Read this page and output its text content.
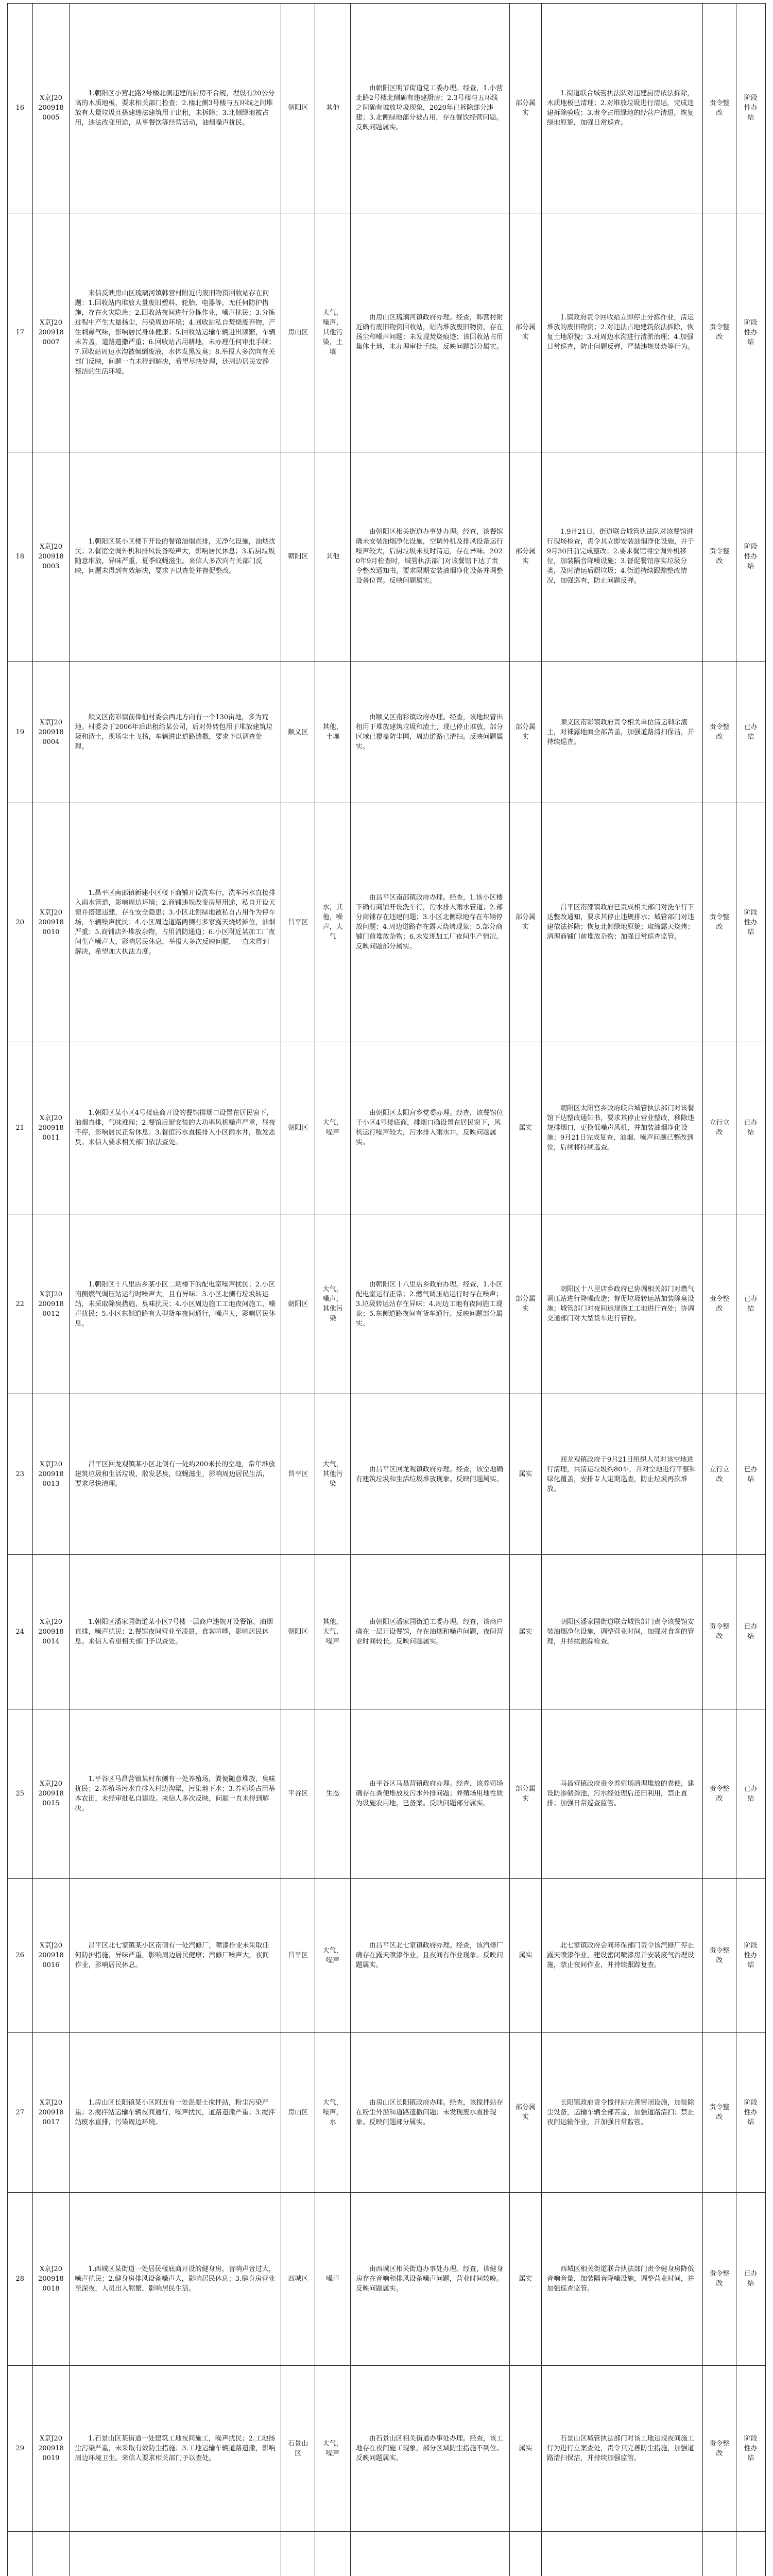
16	X京J20200918 0005	1.朝阳区小营北路2号楼北侧违建的厨房不合规，埋设有20公分高的木质地板，要求相关部门检查；2.楼北侧3号楼与五环线之间堆放有大量垃圾且搭建违法建筑用于出租，未拆除；3.北侧绿地被占用，违法改变用途，从事餐饮等经营活动，油烟噪声扰民。	朝阳区	其他	由朝阳区明节街道党工委办理。经查，1.小营北路2号楼北侧确有违建厨房；2.3号楼与五环线之间确有堆放垃圾现象，2020年已拆除部分违建；3.北侧绿地部分被占用，存在餐饮经营问题。反映问题属实。	部分属实	1.街道联合城管执法队对违建厨房依法拆除，木质地板已清理；2.对堆放垃圾进行清运，完成违建拆除验收；3.责令占用绿地的经营户清退，恢复绿地原貌，加强日常巡查。	责令整改	阶段性办结
17	X京J20200918 0007	来信反映房山区琉璃河镇韩营村附近的废旧物资回收站存在问题：1.回收站内堆放大量废旧塑料、轮胎、电器等，无任何防护措施，存在火灾隐患；2.回收站夜间进行分拣作业，噪声扰民；3.分拣过程中产生大量扬尘，污染周边环境；4.回收站私自焚烧废弃物，产生刺鼻气味，影响居民身体健康；5.回收站运输车辆进出频繁，车辆未苫盖，道路遗撒严重；6.回收站占用耕地，未办理任何审批手续；7.回收站周边水沟被倾倒废液，水体发黑发臭；8.举报人多次向有关部门反映，问题一直未得到解决，希望尽快处理，还周边居民安静整洁的生活环境。	房山区	大气，噪声，其他污染，土壤	由房山区琉璃河镇政府办理。经查，韩营村附近确有废旧物资回收站，站内堆放废旧物资，存在扬尘和噪声问题；未发现焚烧痕迹；该回收站占用集体土地，未办理审批手续。反映问题部分属实。	部分属实	1.镇政府责令回收站立即停止分拣作业，清运堆放的废旧物资；2.对违法占地建筑依法拆除，恢复土地原貌；3.对周边水沟进行清淤治理；4.加强日常巡查，防止问题反弹，严禁违规焚烧等行为。	责令整改	阶段性办结
18	X京J20200918 0003	1.朝阳区某小区楼下开设的餐馆油烟直排，无净化设施，油烟扰民；2.餐馆空调外机和排风设备噪声大，影响居民休息；3.后厨垃圾随意堆放，异味严重，夏季蚊蝇滋生。来信人多次向有关部门反映，问题未得到有效解决，要求予以查处并督促整改。	朝阳区	其他	由朝阳区相关街道办事处办理。经查，该餐馆确未安装油烟净化设施，空调外机及排风设备运行噪声较大，后厨垃圾未及时清运，存在异味。2020年9月检查时，城管执法部门对该餐馆下达了责令整改通知书，要求限期安装油烟净化设备并调整设备位置。反映问题属实。	部分属实	1.9月21日，街道联合城管执法队对该餐馆进行现场检查，责令其立即安装油烟净化设施，并于9月30日前完成整改；2.要求餐馆将空调外机移位，加装隔音降噪设施；3.督促餐馆落实垃圾分类，及时清运后厨垃圾；4.街道持续跟踪整改情况，加强巡查，防止问题反弹。	责令整改	阶段性办结
19	X京J20200918 0004	顺义区南彩镇前俸伯村委会西北方向有一个130亩地，多为荒地。村委会于2006年后出租给某公司，后对外转包用于堆放建筑垃圾和渣土，现场尘土飞扬，车辆进出道路遗撒，要求予以调查处理。	顺义区	其他，土壤	由顺义区南彩镇政府办理。经查，该地块曾出租用于堆放建筑垃圾和渣土，现已停止堆放，部分区域已覆盖防尘网，周边道路已清扫。反映问题属实。	部分属实	顺义区南彩镇政府责令相关单位清运剩余渣土，对裸露地面全部苫盖，加强道路清扫保洁，并持续巡查。	责令整改	已办结
20	X京J20200918 0010	1.昌平区南邵镇新建小区楼下商铺开设洗车行，洗车污水直接排入雨水管道，影响周边环境；2.商铺违规改变房屋用途，私自开设天窗并搭建违建，存在安全隐患；3.小区北侧绿地被私自占用作为停车场，车辆噪声扰民；4.小区周边道路两侧有多家露天烧烤摊位，油烟严重；5.商铺店外堆放杂物，占用消防通道；6.小区附近某加工厂夜间生产噪声大，影响居民休息，举报人多次反映问题，一直未得到解决，希望加大执法力度。	昌平区	水，其他，噪声，大气	由昌平区南邵镇政府办理。经查，1.该小区楼下确有商铺开设洗车行，污水排入雨水管道；2.部分商铺存在违建问题；3.小区北侧绿地存在车辆停放问题；4.周边道路存在露天烧烤现象；5.部分商铺门前堆放杂物；6.未发现加工厂夜间生产情况。反映问题部分属实。	部分属实	昌平区南邵镇政府已责成相关部门对洗车行下达整改通知，要求其停止违规排水；城管部门对违建依法拆除；恢复北侧绿地原貌；取缔露天烧烤；清理商铺门前堆放杂物；加强日常巡查监管。	责令整改	阶段性办结
21	X京J20200918 0011	1.朝阳区某小区4号楼底商开设的餐馆排烟口设置在居民窗下，油烟直排，气味难闻；2.餐馆后厨安装的大功率风机噪声严重，昼夜不停，影响居民正常休息；3.餐馆污水直接排入小区雨水井，散发恶臭。来信人要求相关部门依法查处。	朝阳区	大气，噪声	由朝阳区太阳宫乡党委办理。经查，该餐馆位于小区4号楼底商，排烟口确设置在居民窗下，风机运行噪声较大，污水排入雨水井。反映问题属实。	属实	朝阳区太阳宫乡政府联合城管执法部门对该餐馆下达整改通知书，要求其停止营业整改，移除违规排烟口，更换低噪声风机，并加装油烟净化设施；9月21日完成复查，油烟、噪声问题已整改到位，后续将持续巡查。	立行立改	已办结
22	X京J20200918 0012	1.朝阳区十八里店乡某小区二期楼下的配电室噪声扰民；2.小区南侧燃气调压站运行时噪声大，且有异味；3.小区北侧有垃圾转运站，未采取除臭措施，臭味扰民；4.小区周边施工工地夜间施工，噪声扰民；5.小区东侧道路有大型货车夜间通行，噪声大，影响居民休息。	朝阳区	大气，噪声，其他污染	由朝阳区十八里店乡政府办理。经查，1.小区配电室运行正常；2.燃气调压站运行时存在噪声；3.垃圾转运站存在异味；4.周边工地有夜间施工现象；5.东侧道路夜间有货车通行。反映问题部分属实。	部分属实	朝阳区十八里店乡政府已协调相关部门对燃气调压站进行降噪改造；督促垃圾转运站加装除臭设施；城管部门对夜间违规施工工地进行查处；协调交通部门对大型货车进行管控。	责令整改	已办结
23	X京J20200918 0013	昌平区回龙观镇某小区北侧有一处约200米长的空地，常年堆放建筑垃圾和生活垃圾，散发恶臭，蚊蝇滋生，影响周边居民生活，要求尽快清理。	昌平区	大气，其他污染	由昌平区回龙观镇政府办理。经查，该空地确有建筑垃圾和生活垃圾堆放现象。反映问题属实。	属实	回龙观镇政府于9月21日组织人员对该空地进行清理，共清运垃圾约80车，并对空地进行平整和绿化覆盖，安排专人定期巡查，防止垃圾再次堆放。	立行立改	已办结
24	X京J20200918 0014	1.朝阳区潘家园街道某小区7号楼一层商户违规开设餐馆，油烟直排，噪声扰民；2.餐馆夜间营业至凌晨，食客喧哗，影响居民休息。来信人希望相关部门予以查处。	朝阳区	其他，大气，噪声	由朝阳区潘家园街道工委办理。经查，该商户确在一层开设餐馆，存在油烟和噪声问题，夜间营业时间较长。反映问题属实。	属实	朝阳区潘家园街道联合城管部门责令该餐馆安装油烟净化设施，调整营业时间，加强对食客的管理，并持续跟踪检查。	责令整改	已办结
25	X京J20200918 0015	1.平谷区马昌营镇某村东侧有一处养殖场，粪便随意堆放，臭味扰民；2.养殖场污水直排入村边沟渠，污染地下水；3.养殖场占用基本农田，未经审批私自建设。来信人多次反映，问题一直未得到解决。	平谷区	生态	由平谷区马昌营镇政府办理。经查，该养殖场确存在粪便堆放及污水外排问题；养殖场用地性质为设施农用地，已备案。反映问题部分属实。	部分属实	马昌营镇政府责令养殖场清理堆放的粪便，建设防渗储粪池，污水经处理后还田利用，禁止直排；加强日常巡查监管。	责令整改	已办结
26	X京J20200918 0016	昌平区北七家镇某小区南侧有一处汽修厂，喷漆作业未采取任何防护措施，异味严重，影响周边居民健康；汽修厂噪声大，夜间作业，影响居民休息。	昌平区	大气，噪声	由昌平区北七家镇政府办理。经查，该汽修厂确存在露天喷漆作业，且夜间有作业现象。反映问题属实。	属实	北七家镇政府会同环保部门责令该汽修厂停止露天喷漆作业，建设密闭喷漆房并安装废气治理设施，禁止夜间作业，并持续跟踪复查。	责令整改	阶段性办结
27	X京J20200918 0017	1.房山区长阳镇某小区附近有一处混凝土搅拌站，粉尘污染严重；2.搅拌站运输车辆夜间通行，噪声扰民，道路遗撒严重；3.搅拌站废水直排，污染周边环境。	房山区	大气，噪声，水	由房山区长阳镇政府办理。经查，该搅拌站存在粉尘外溢和道路遗撒问题；未发现废水直排现象。反映问题部分属实。	部分属实	长阳镇政府责令搅拌站完善密闭设施，加装除尘设备，运输车辆全部苫盖，加强道路清扫；禁止夜间运输作业，并加强日常监管。	责令整改	阶段性办结
28	X京J20200918 0018	1.西城区某街道一处居民楼底商开设的健身房，音响声音过大，噪声扰民；2.健身房排风设备噪声大，影响居民休息；3.健身房营业至深夜，人员出入频繁，影响居民生活。	西城区	噪声	由西城区相关街道办事处办理。经查，该健身房存在音响和排风设备噪声问题，营业时间较晚。反映问题属实。	属实	西城区相关街道联合执法部门责令健身房降低音响音量，加装隔音降噪设施，调整营业时间，并加强巡查监管。	责令整改	已办结
29	X京J20200918 0019	1.石景山区某街道一处建筑工地夜间施工，噪声扰民；2.工地扬尘污染严重，未采取有效防尘措施；3.工地运输车辆道路遗撒，影响周边环境卫生。来信人要求相关部门予以查处。	石景山区	大气，噪声	由石景山区相关街道办事处办理。经查，该工地存在夜间施工现象，部分区域防尘措施不到位。反映问题属实。	属实	石景山区城管执法部门对该工地违规夜间施工行为进行立案查处，责令其完善防尘措施，加强道路清扫保洁，并持续加强监管。	责令整改	阶段性办结
